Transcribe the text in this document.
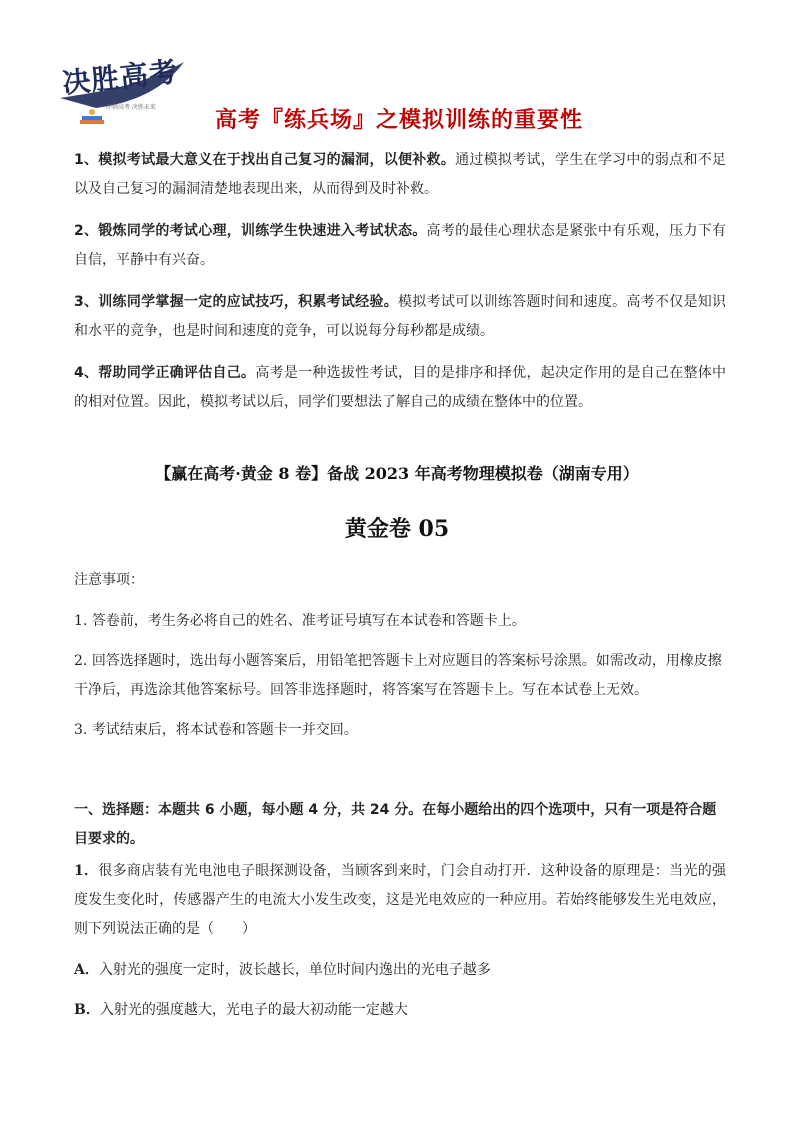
决胜高考
冲刺高考 决胜未来
高考『练兵场』之模拟训练的重要性

1、模拟考试最大意义在于找出自己复习的漏洞，以便补救。通过模拟考试，学生在学习中的弱点和不足以及自己复习的漏洞清楚地表现出来，从而得到及时补救。

2、锻炼同学的考试心理，训练学生快速进入考试状态。高考的最佳心理状态是紧张中有乐观，压力下有自信，平静中有兴奋。

3、训练同学掌握一定的应试技巧，积累考试经验。模拟考试可以训练答题时间和速度。高考不仅是知识和水平的竞争，也是时间和速度的竞争，可以说每分每秒都是成绩。

4、帮助同学正确评估自己。高考是一种选拔性考试，目的是排序和择优，起决定作用的是自己在整体中的相对位置。因此，模拟考试以后，同学们要想法了解自己的成绩在整体中的位置。

【赢在高考·黄金 8 卷】备战 2023 年高考物理模拟卷（湖南专用）
黄金卷 05

注意事项：

1. 答卷前，考生务必将自己的姓名、准考证号填写在本试卷和答题卡上。

2. 回答选择题时，选出每小题答案后，用铅笔把答题卡上对应题目的答案标号涂黑。如需改动，用橡皮擦干净后，再选涂其他答案标号。回答非选择题时，将答案写在答题卡上。写在本试卷上无效。

3. 考试结束后，将本试卷和答题卡一并交回。

一、选择题：本题共 6 小题，每小题 4 分，共 24 分。在每小题给出的四个选项中，只有一项是符合题目要求的。

1．很多商店装有光电池电子眼探测设备，当顾客到来时，门会自动打开．这种设备的原理是：当光的强度发生变化时，传感器产生的电流大小发生改变，这是光电效应的一种应用。若始终能够发生光电效应，则下列说法正确的是（　　）

A．入射光的强度一定时，波长越长，单位时间内逸出的光电子越多

B．入射光的强度越大，光电子的最大初动能一定越大
